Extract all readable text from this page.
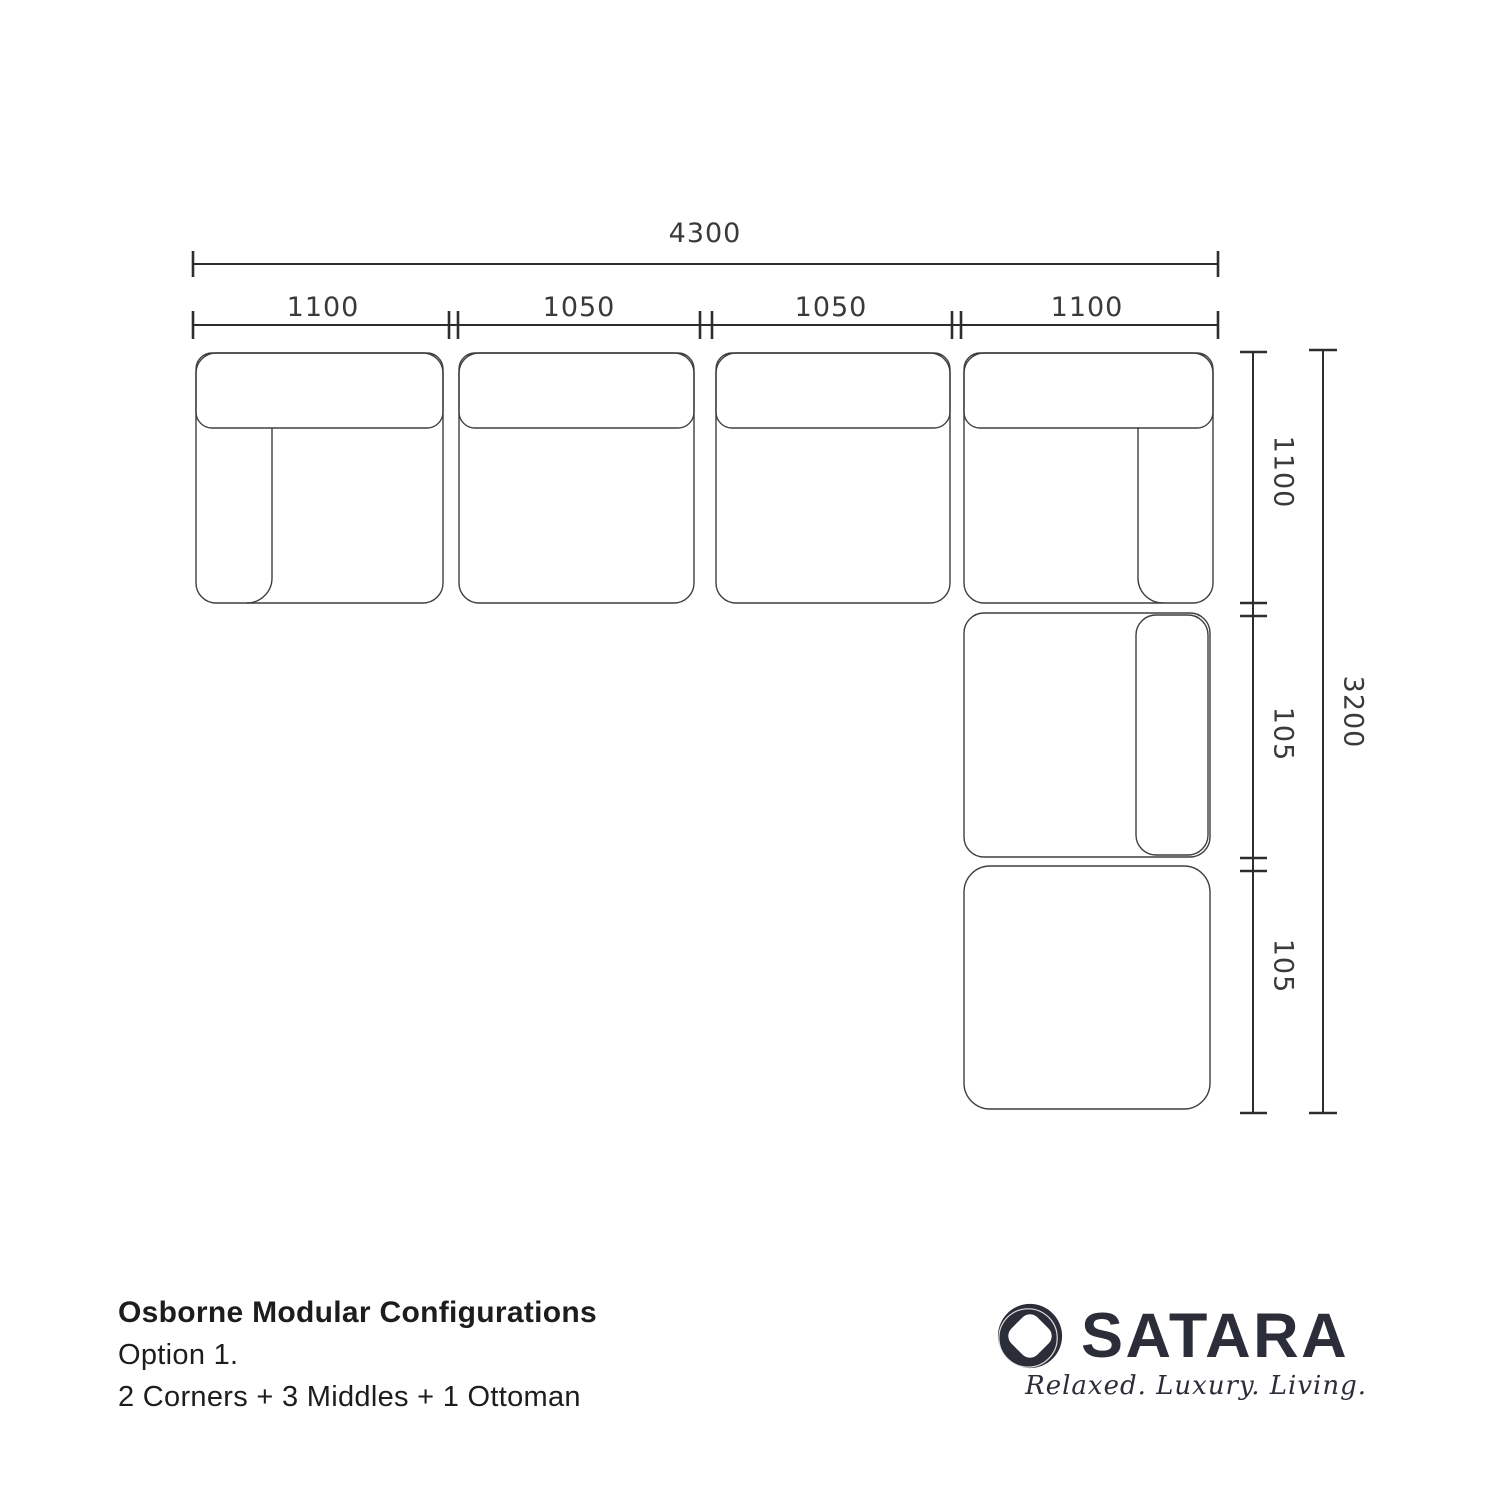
4300
1100	1050	1050	1100
1100
105
105
3200
Osborne Modular Configurations
Option 1.
2 Corners + 3 Middles + 1 Ottoman
SATARA
Relaxed. Luxury. Living.
